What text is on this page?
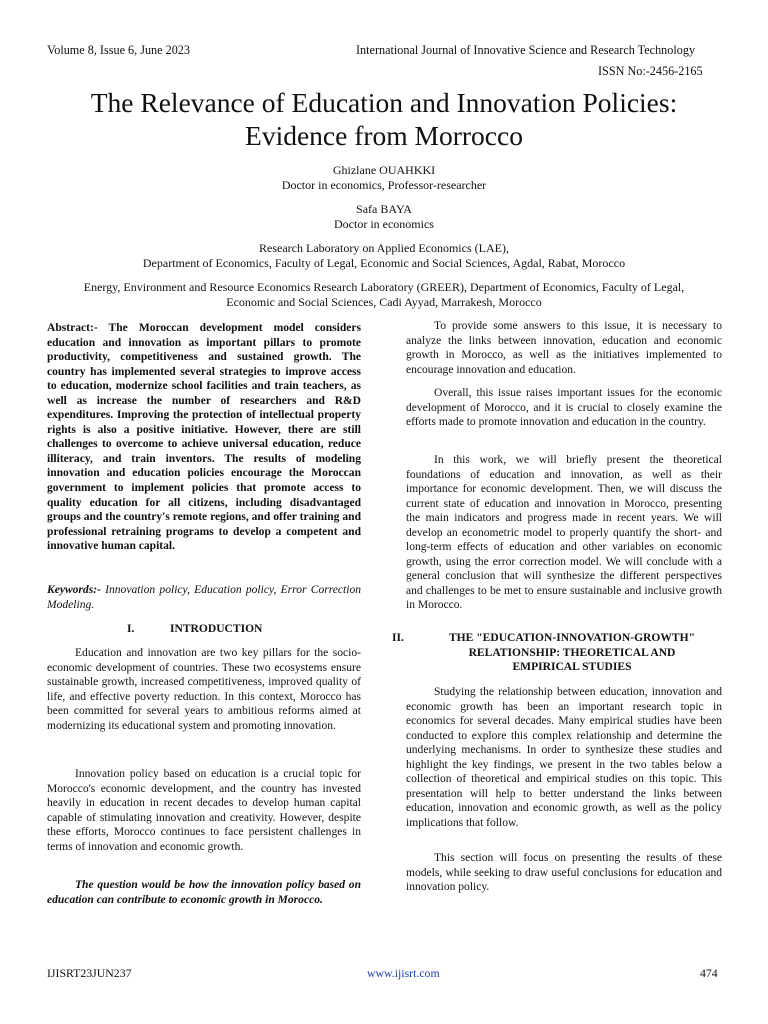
Volume 8, Issue 6, June 2023	International Journal of Innovative Science and Research Technology
ISSN No:-2456-2165
The Relevance of Education and Innovation Policies:
Evidence from Morrocco
Ghizlane OUAHKKI
Doctor in economics, Professor-researcher
Safa BAYA
Doctor in economics
Research Laboratory on Applied Economics (LAE),
Department of Economics, Faculty of Legal, Economic and Social Sciences, Agdal, Rabat, Morocco
Energy, Environment and Resource Economics Research Laboratory (GREER), Department of Economics, Faculty of Legal,
Economic and Social Sciences, Cadi Ayyad, Marrakesh, Morocco

Abstract:- The Moroccan development model considers education and innovation as important pillars to promote productivity, competitiveness and sustained growth. The country has implemented several strategies to improve access to education, modernize school facilities and train teachers, as well as increase the number of researchers and R&D expenditures. Improving the protection of intellectual property rights is also a positive initiative. However, there are still challenges to overcome to achieve universal education, reduce illiteracy, and train inventors. The results of modeling innovation and education policies encourage the Moroccan government to implement policies that promote access to quality education for all citizens, including disadvantaged groups and the country's remote regions, and offer training and professional retraining programs to develop a competent and innovative human capital.

Keywords:- Innovation policy, Education policy, Error Correction Modeling.

I.	INTRODUCTION

Education and innovation are two key pillars for the socio-economic development of countries. These two ecosystems ensure sustainable growth, increased competitiveness, improved quality of life, and effective poverty reduction. In this context, Morocco has been committed for several years to ambitious reforms aimed at modernizing its educational system and promoting innovation.

Innovation policy based on education is a crucial topic for Morocco's economic development, and the country has invested heavily in education in recent decades to develop human capital capable of stimulating innovation and creativity. However, despite these efforts, Morocco continues to face persistent challenges in terms of innovation and economic growth.

The question would be how the innovation policy based on education can contribute to economic growth in Morocco.

To provide some answers to this issue, it is necessary to analyze the links between innovation, education and economic growth in Morocco, as well as the initiatives implemented to encourage innovation and education.

Overall, this issue raises important issues for the economic development of Morocco, and it is crucial to closely examine the efforts made to promote innovation and education in the country.

In this work, we will briefly present the theoretical foundations of education and innovation, as well as their importance for economic development. Then, we will discuss the current state of education and innovation in Morocco, presenting the main indicators and progress made in recent years. We will develop an econometric model to properly quantify the short- and long-term effects of education and other variables on economic growth, using the error correction model. We will conclude with a general conclusion that will synthesize the different perspectives and challenges to be met to ensure sustainable and inclusive growth in Morocco.

II.	THE "EDUCATION-INNOVATION-GROWTH"
RELATIONSHIP: THEORETICAL AND
EMPIRICAL STUDIES

Studying the relationship between education, innovation and economic growth has been an important research topic in economics for several decades. Many empirical studies have been conducted to explore this complex relationship and determine the underlying mechanisms. In order to synthesize these studies and highlight the key findings, we present in the two tables below a collection of theoretical and empirical studies on this topic. This presentation will help to better understand the links between education, innovation and economic growth, as well as the policy implications that follow.

This section will focus on presenting the results of these models, while seeking to draw useful conclusions for education and innovation policy.

IJISRT23JUN237	www.ijisrt.com	474
